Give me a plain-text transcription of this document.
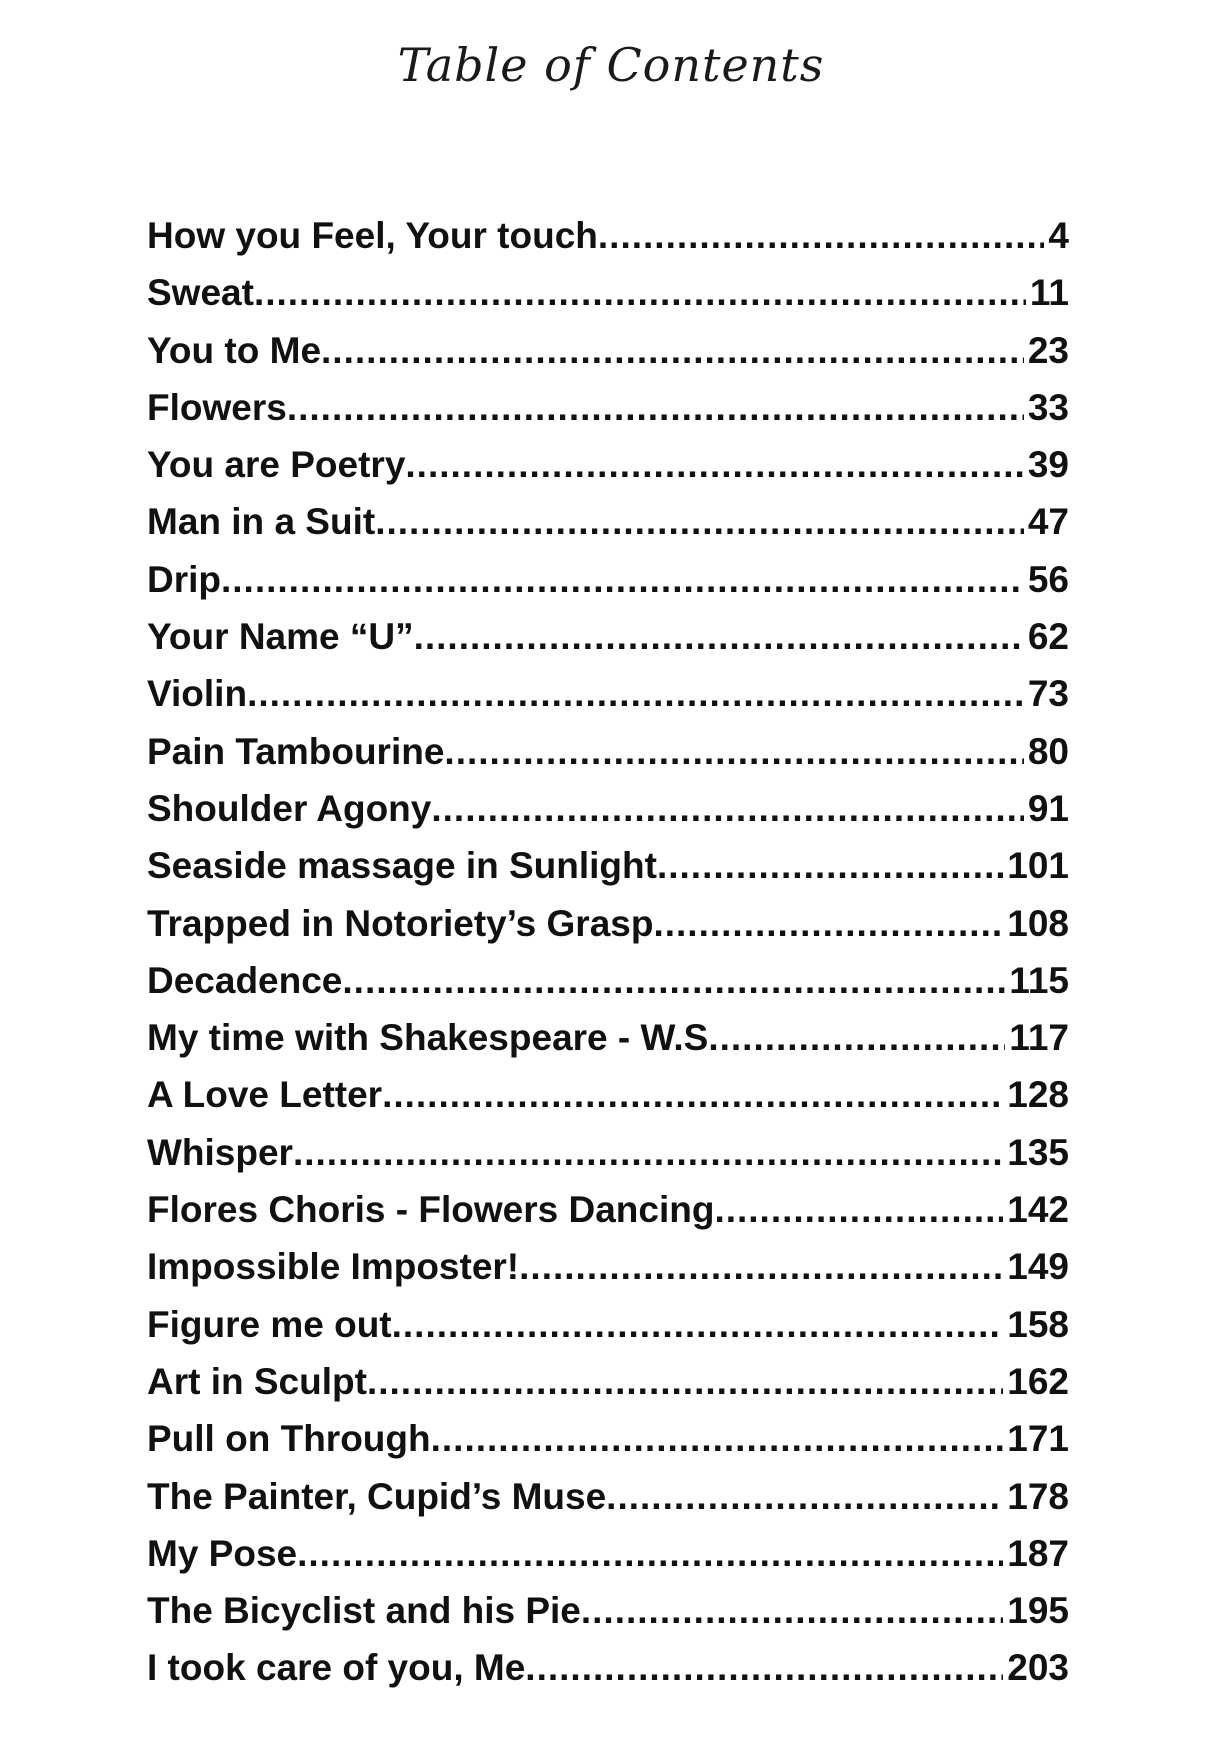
Table of Contents
How you Feel, Your touch .....	4
Sweat .....	11
You to Me .....	23
Flowers .....	33
You are Poetry .....	39
Man in a Suit .....	47
Drip .....	56
Your Name “U” .....	62
Violin .....	73
Pain Tambourine .....	80
Shoulder Agony .....	91
Seaside massage in Sunlight .....	101
Trapped in Notoriety’s Grasp .....	108
Decadence .....	115
My time with Shakespeare - W.S .....	117
A Love Letter .....	128
Whisper .....	135
Flores Choris - Flowers Dancing .....	142
Impossible Imposter! .....	149
Figure me out .....	158
Art in Sculpt .....	162
Pull on Through .....	171
The Painter, Cupid’s Muse .....	178
My Pose .....	187
The Bicyclist and his Pie .....	195
I took care of you, Me .....	203
